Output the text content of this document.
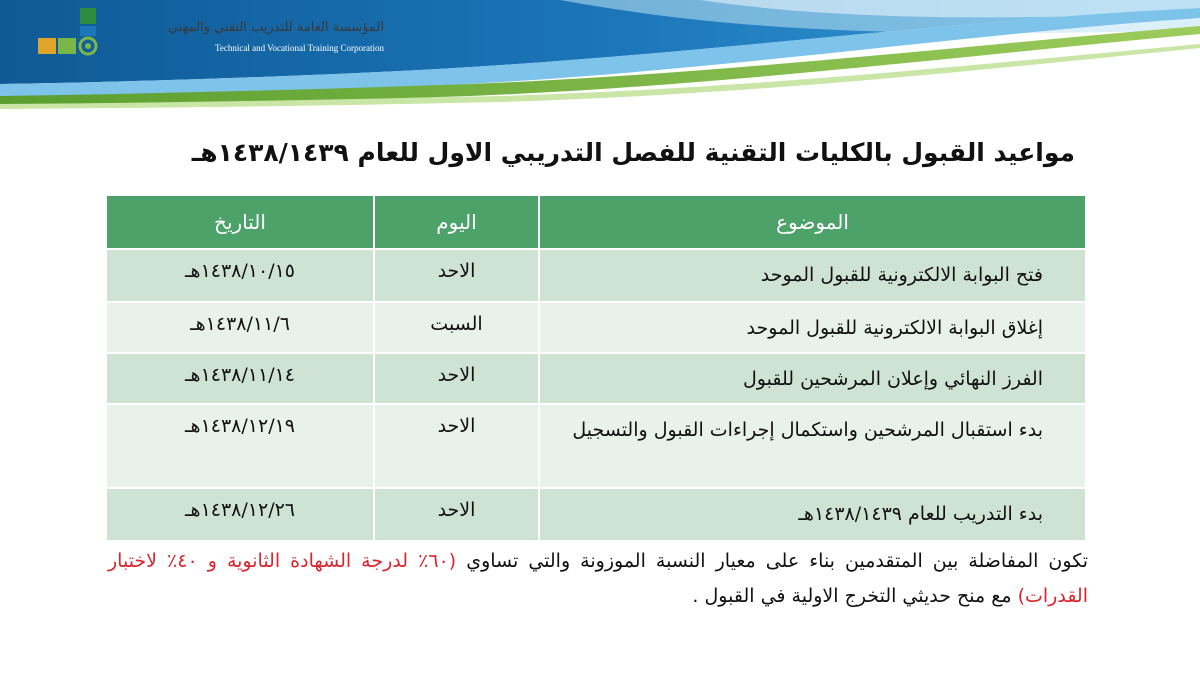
المؤسسة العامة للتدريب التقني والمهني
Technical and Vocational Training Corporation
مواعيد القبول بالكليات التقنية للفصل التدريبي الاول للعام ١٤٣٨/١٤٣٩هـ
الموضوع	اليوم	التاريخ
فتح البوابة الالكترونية للقبول الموحد	الاحد	١٤٣٨/١٠/١٥هـ
إغلاق البوابة الالكترونية للقبول الموحد	السبت	١٤٣٨/١١/٦هـ
الفرز النهائي وإعلان المرشحين للقبول	الاحد	١٤٣٨/١١/١٤هـ
بدء استقبال المرشحين واستكمال إجراءات القبول والتسجيل	الاحد	١٤٣٨/١٢/١٩هـ
بدء التدريب للعام ١٤٣٨/١٤٣٩هـ	الاحد	١٤٣٨/١٢/٢٦هـ
تكون المفاضلة بين المتقدمين بناء على معيار النسبة الموزونة والتي تساوي (٦٠٪ لدرجة الشهادة الثانوية و ٤٠٪ لاختبار القدرات) مع منح حديثي التخرج الاولية في القبول .
